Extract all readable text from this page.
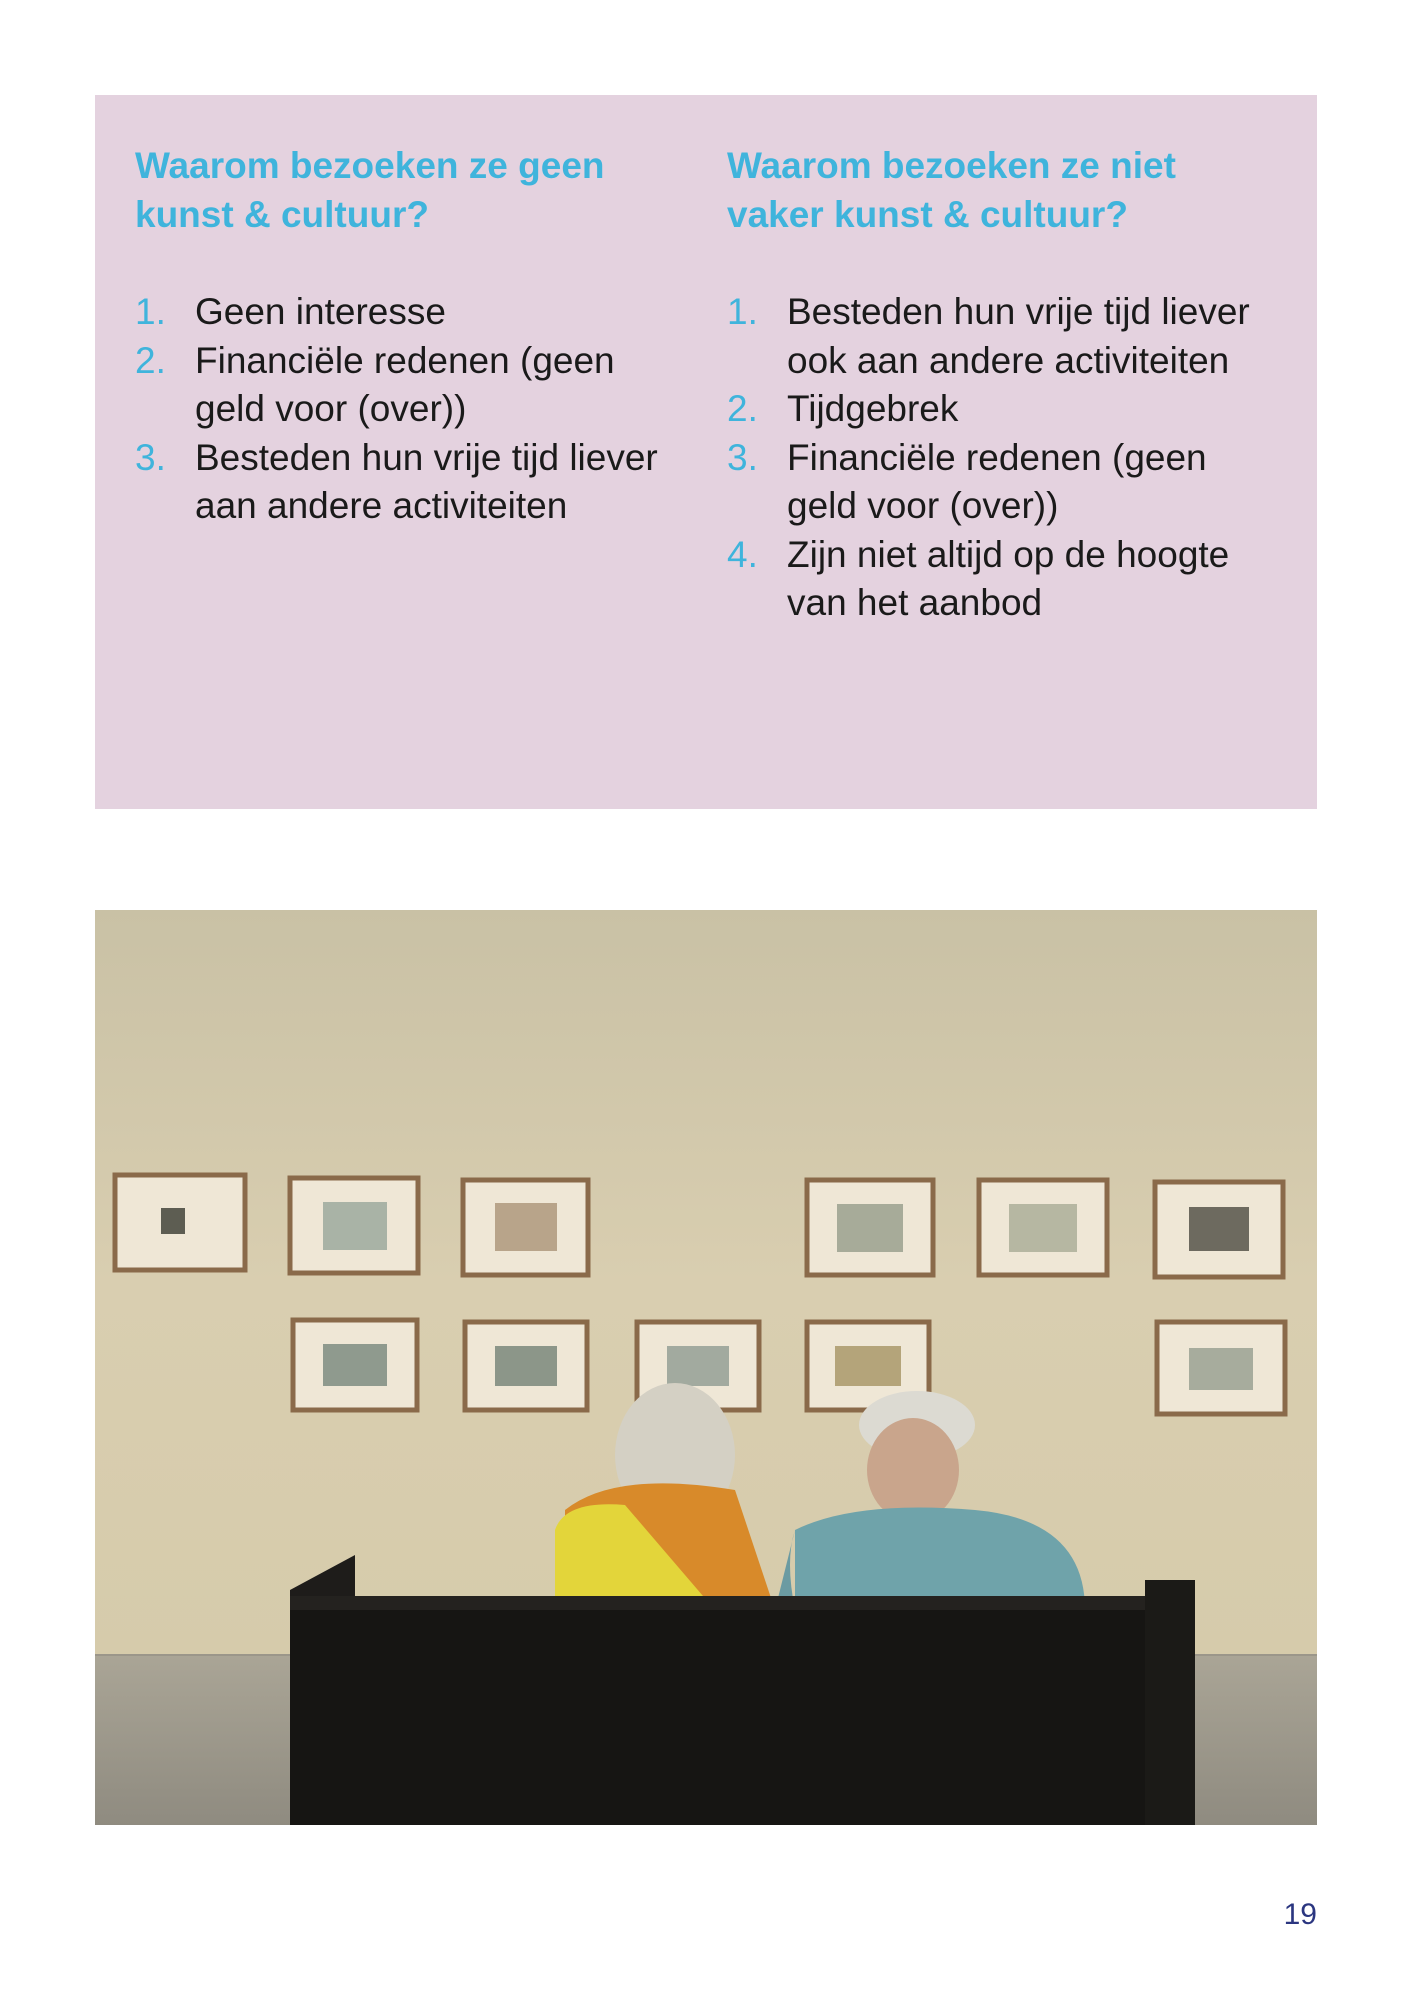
Waarom bezoeken ze geen
kunst & cultuur?
1. Geen interesse
2. Financiële redenen (geen geld voor (over))
3. Besteden hun vrije tijd liever aan andere activiteiten
Waarom bezoeken ze niet
vaker kunst & cultuur?
1. Besteden hun vrije tijd liever ook aan andere activiteiten
2. Tijdgebrek
3. Financiële redenen (geen geld voor (over))
4. Zijn niet altijd op de hoogte van het aanbod
19
